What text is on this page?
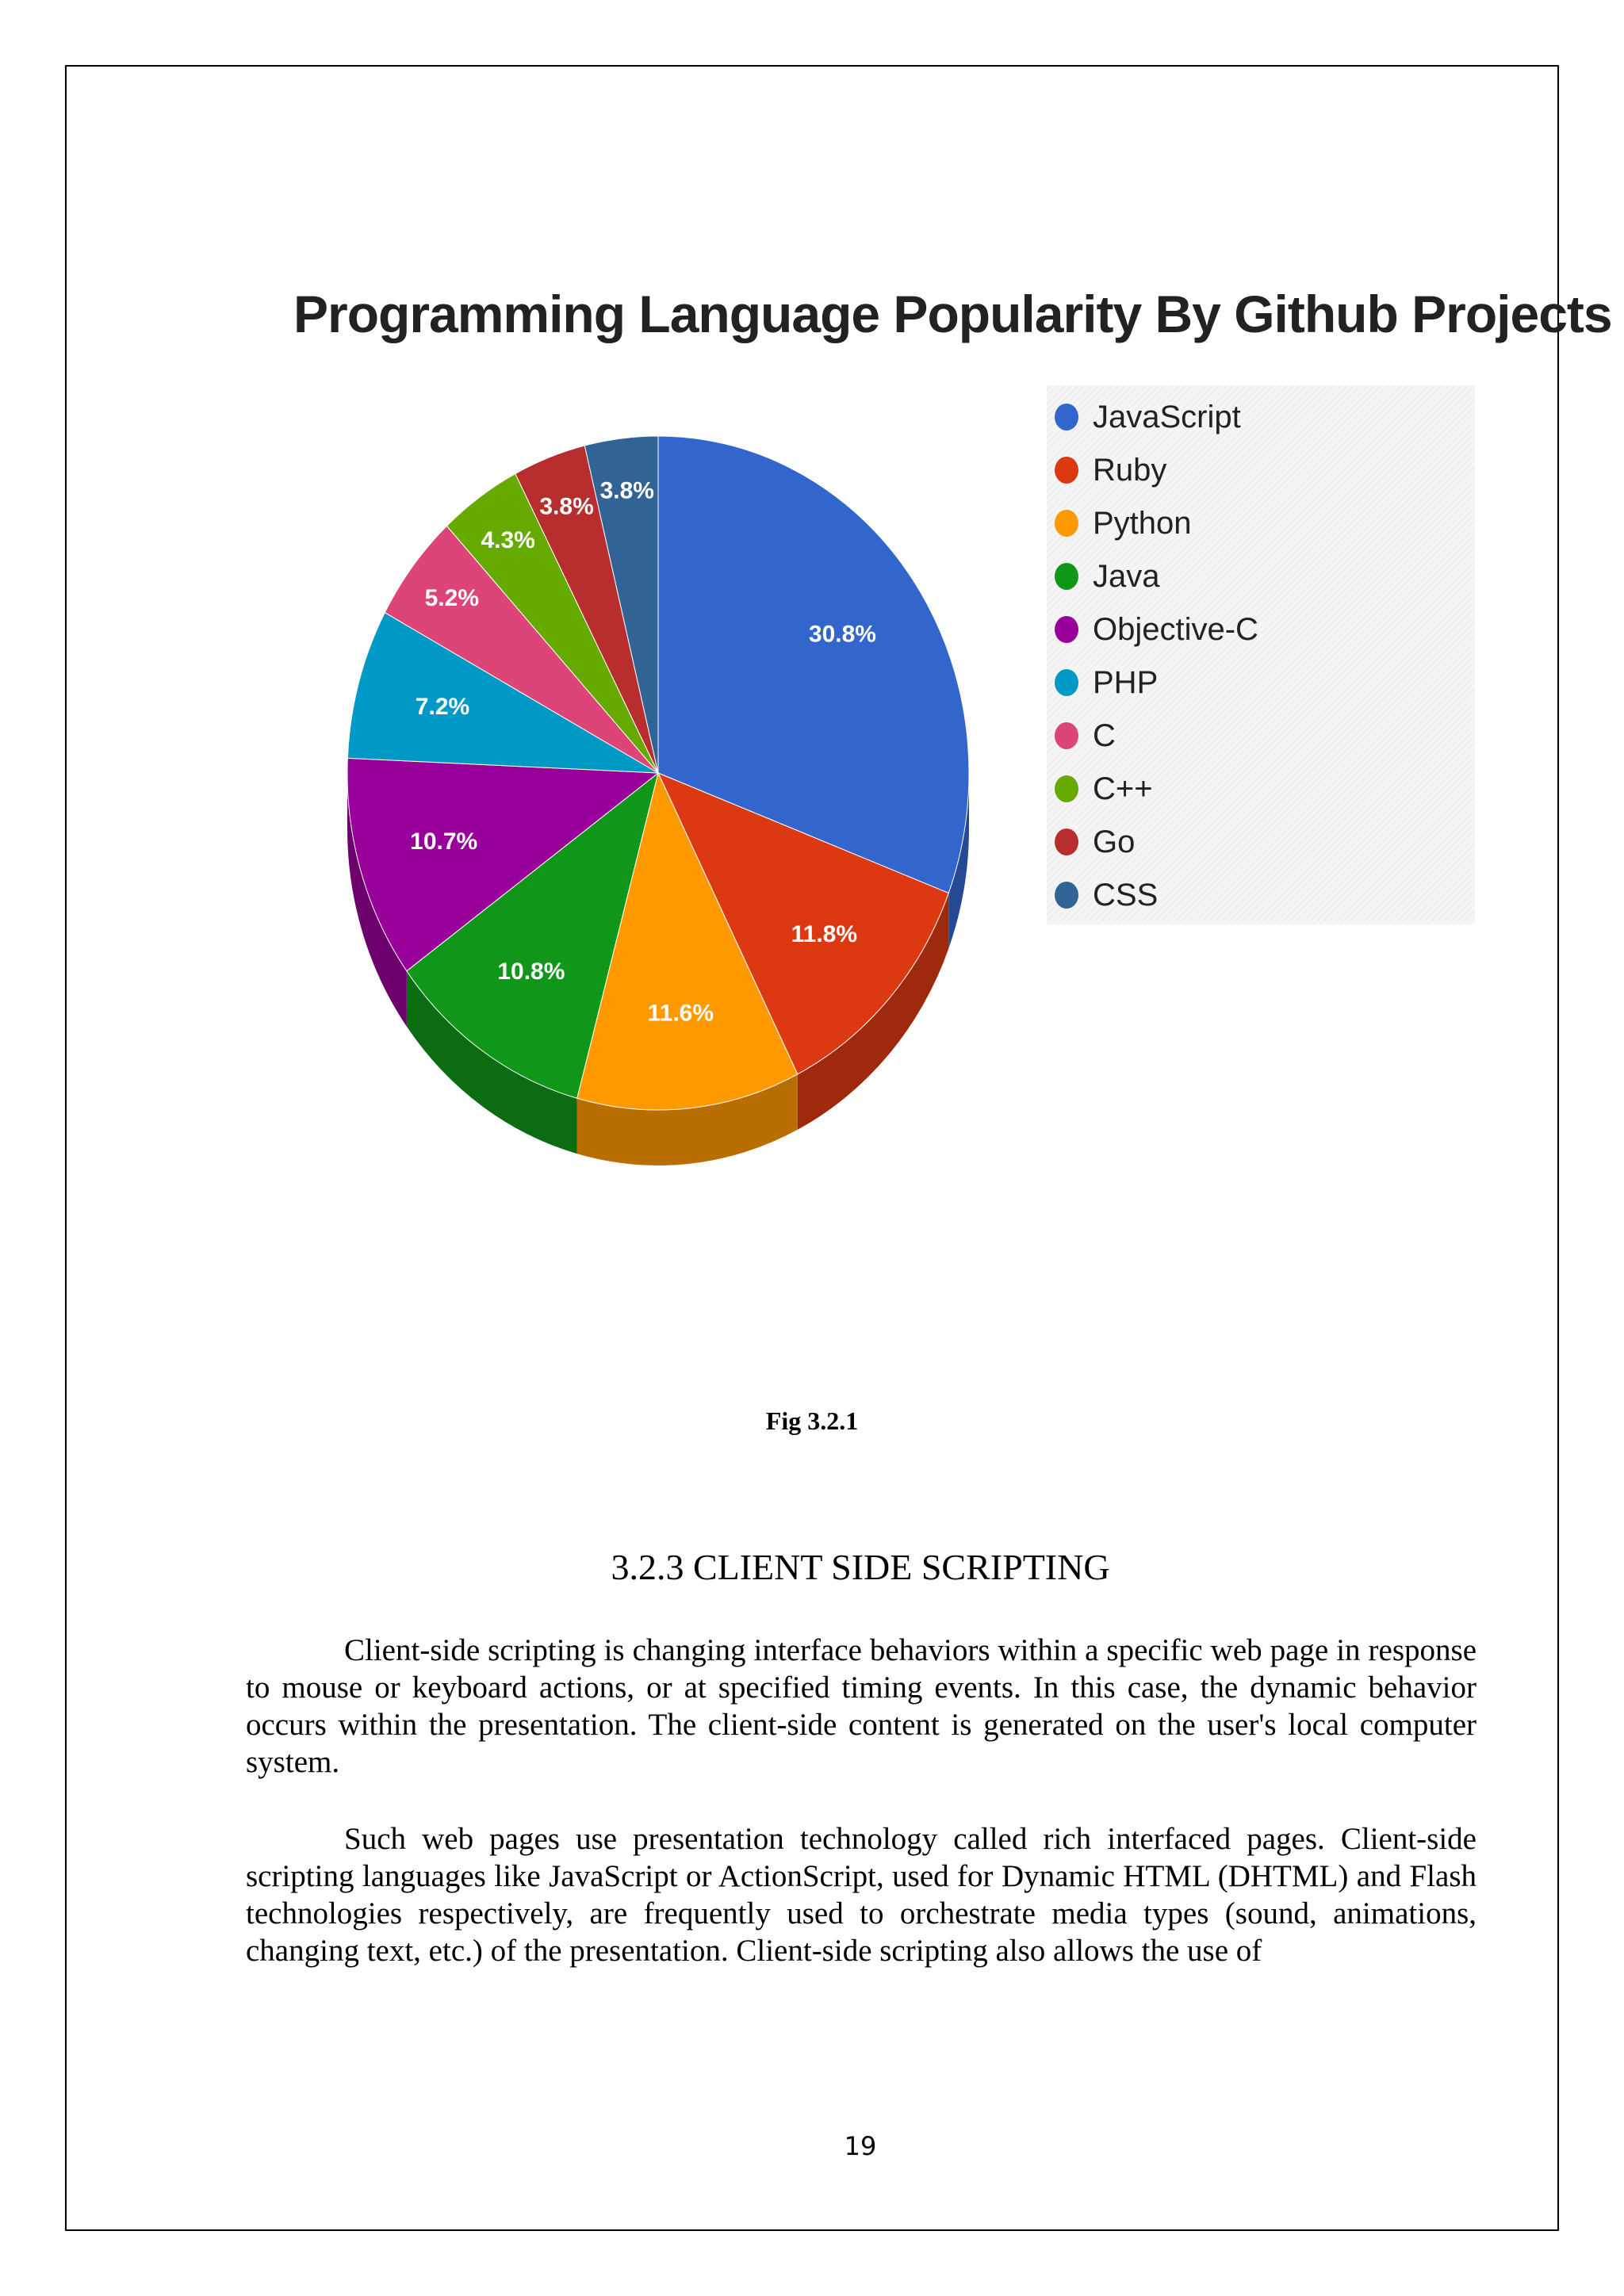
Programming Language Popularity By Github Projects
30.8%
11.8%
11.6%
10.8%
10.7%
7.2%
5.2%
4.3%
3.8%
3.8%
JavaScript
Ruby
Python
Java
Objective-C
PHP
C
C++
Go
CSS
Fig 3.2.1
3.2.3 CLIENT SIDE SCRIPTING

Client-side scripting is changing interface behaviors within a specific web page in response to mouse or keyboard actions, or at specified timing events. In this case, the dynamic behavior occurs within the presentation. The client-side content is generated on the user's local computer system.

Such web pages use presentation technology called rich interfaced pages. Client-side scripting languages like JavaScript or ActionScript, used for Dynamic HTML (DHTML) and Flash technologies respectively, are frequently used to orchestrate media types (sound, animations, changing text, etc.) of the presentation. Client-side scripting also allows the use of

19
